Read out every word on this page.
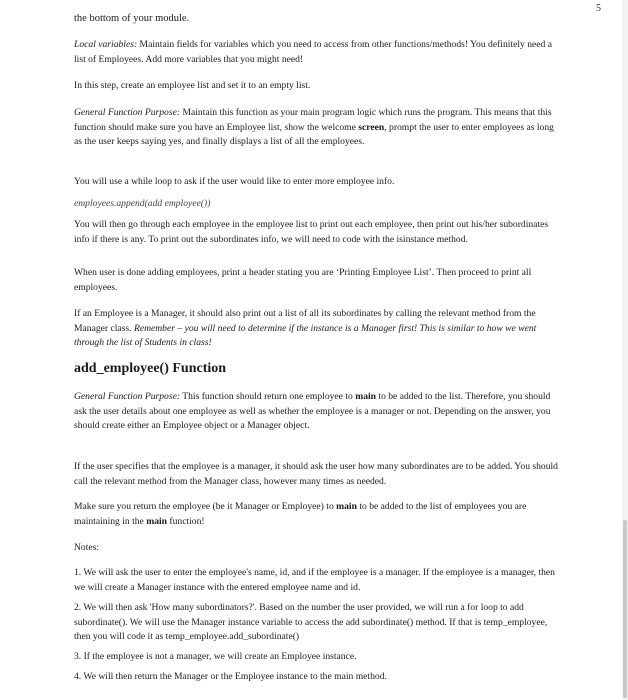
5
the bottom of your module.

Local variables: Maintain fields for variables which you need to access from other functions/methods! You definitely need a list of Employees. Add more variables that you might need!

In this step, create an employee list and set it to an empty list.

General Function Purpose: Maintain this function as your main program logic which runs the program. This means that this function should make sure you have an Employee list, show the welcome screen, prompt the user to enter employees as long as the user keeps saying yes, and finally displays a list of all the employees.

You will use a while loop to ask if the user would like to enter more employee info.

employees.append(add employee())

You will then go through each employee in the employee list to print out each employee, then print out his/her subordinates info if there is any. To print out the subordinates info, we will need to code with the isinstance method.

When user is done adding employees, print a header stating you are ‘Printing Employee List’. Then proceed to print all employees.

If an Employee is a Manager, it should also print out a list of all its subordinates by calling the relevant method from the Manager class. Remember – you will need to determine if the instance is a Manager first! This is similar to how we went through the list of Students in class!

add_employee() Function

General Function Purpose: This function should return one employee to main to be added to the list. Therefore, you should ask the user details about one employee as well as whether the employee is a manager or not. Depending on the answer, you should create either an Employee object or a Manager object.

If the user specifies that the employee is a manager, it should ask the user how many subordinates are to be added. You should call the relevant method from the Manager class, however many times as needed.

Make sure you return the employee (be it Manager or Employee) to main to be added to the list of employees you are maintaining in the main function!

Notes:

1. We will ask the user to enter the employee's name, id, and if the employee is a manager. If the employee is a manager, then we will create a Manager instance with the entered employee name and id.

2. We will then ask 'How many subordinators?'. Based on the number the user provided, we will run a for loop to add subordinate(). We will use the Manager instance variable to access the add subordinate() method. If that is temp_employee, then you will code it as temp_employee.add_subordinate()

3. If the employee is not a manager, we will create an Employee instance.

4. We will then return the Manager or the Employee instance to the main method.
